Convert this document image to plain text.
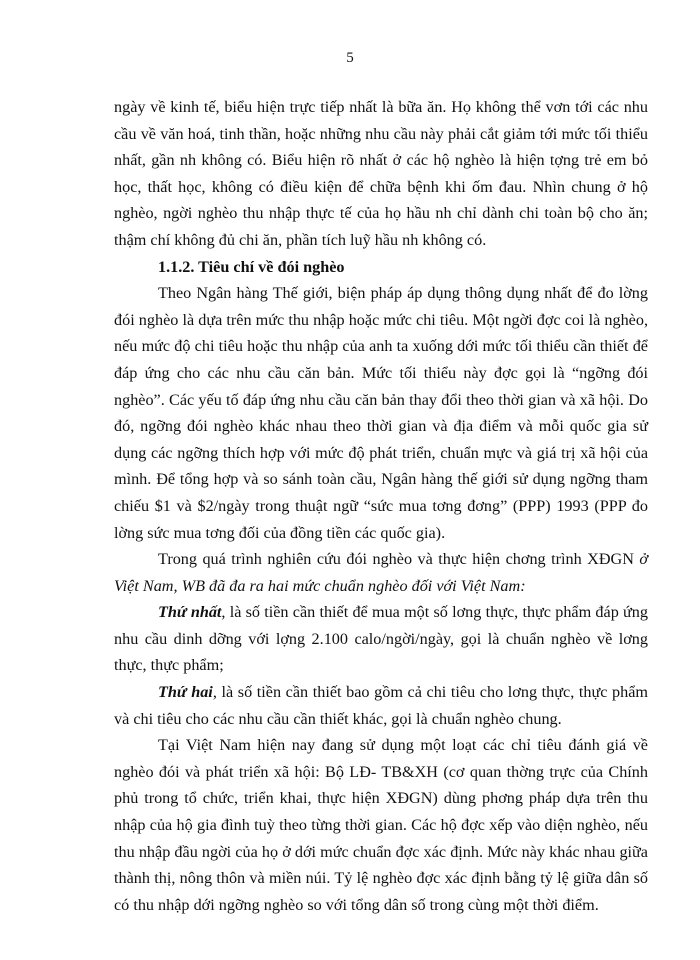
5

ngày về kinh tế, biểu hiện trực tiếp nhất là bữa ăn. Họ không thể vơn tới các nhu cầu về văn hoá, tinh thần, hoặc những nhu cầu này phải cắt giảm tới mức tối thiểu nhất, gần nh không có. Biểu hiện rõ nhất ở các hộ nghèo là hiện tợng trẻ em bỏ học, thất học, không có điều kiện để chữa bệnh khi ốm đau. Nhìn chung ở hộ nghèo, ngời nghèo thu nhập thực tế của họ hầu nh chỉ dành chi toàn bộ cho ăn; thậm chí không đủ chi ăn, phần tích luỹ hầu nh không có.

1.1.2. Tiêu chí về đói nghèo

Theo Ngân hàng Thế giới, biện pháp áp dụng thông dụng nhất để đo lờng đói nghèo là dựa trên mức thu nhập hoặc mức chi tiêu. Một ngời đợc coi là nghèo, nếu mức độ chi tiêu hoặc thu nhập của anh ta xuống dới mức tối thiểu cần thiết để đáp ứng cho các nhu cầu căn bản. Mức tối thiểu này đợc gọi là “ngỡng đói nghèo”. Các yếu tố đáp ứng nhu cầu căn bản thay đổi theo thời gian và xã hội. Do đó, ngỡng đói nghèo khác nhau theo thời gian và địa điểm và mỗi quốc gia sử dụng các ngỡng thích hợp với mức độ phát triển, chuẩn mực và giá trị xã hội của mình. Để tổng hợp và so sánh toàn cầu, Ngân hàng thế giới sử dụng ngỡng tham chiếu $1 và $2/ngày trong thuật ngữ “sức mua tơng đơng” (PPP) 1993 (PPP đo lờng sức mua tơng đối của đồng tiền các quốc gia).

Trong quá trình nghiên cứu đói nghèo và thực hiện chơng trình XĐGN ở Việt Nam, WB đã đa ra hai mức chuẩn nghèo đối với Việt Nam:

Thứ nhất, là số tiền cần thiết để mua một số lơng thực, thực phẩm đáp ứng nhu cầu dinh dỡng với lợng 2.100 calo/ngời/ngày, gọi là chuẩn nghèo về lơng thực, thực phẩm;

Thứ hai, là số tiền cần thiết bao gồm cả chi tiêu cho lơng thực, thực phẩm và chi tiêu cho các nhu cầu cần thiết khác, gọi là chuẩn nghèo chung.

Tại Việt Nam hiện nay đang sử dụng một loạt các chỉ tiêu đánh giá về nghèo đói và phát triển xã hội: Bộ LĐ- TB&XH (cơ quan thờng trực của Chính phủ trong tổ chức, triển khai, thực hiện XĐGN) dùng phơng pháp dựa trên thu nhập của hộ gia đình tuỳ theo từng thời gian. Các hộ đợc xếp vào diện nghèo, nếu thu nhập đầu ngời của họ ở dới mức chuẩn đợc xác định. Mức này khác nhau giữa thành thị, nông thôn và miền núi. Tỷ lệ nghèo đợc xác định bằng tỷ lệ giữa dân số có thu nhập dới ngỡng nghèo so với tổng dân số trong cùng một thời điểm.
